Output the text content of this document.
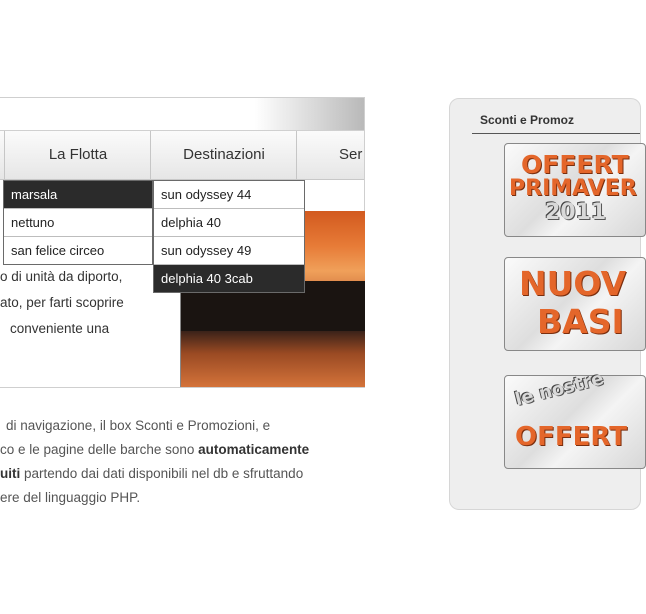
La Flotta	Destinazioni	Ser
o di unità da diporto,
ato, per farti scoprire
conveniente una
marsala
nettuno
san felice circeo
sun odyssey 44
delphia 40
sun odyssey 49
delphia 40 3cab
di navigazione, il box Sconti e Promozioni, e
co e le pagine delle barche sono automaticamente
uiti partendo dai dati disponibili nel db e sfruttando
ere del linguaggio PHP.
Sconti e Promoz
OFFERT
PRIMAVER
2011
NUOV
BASI
le nostre
OFFERT
